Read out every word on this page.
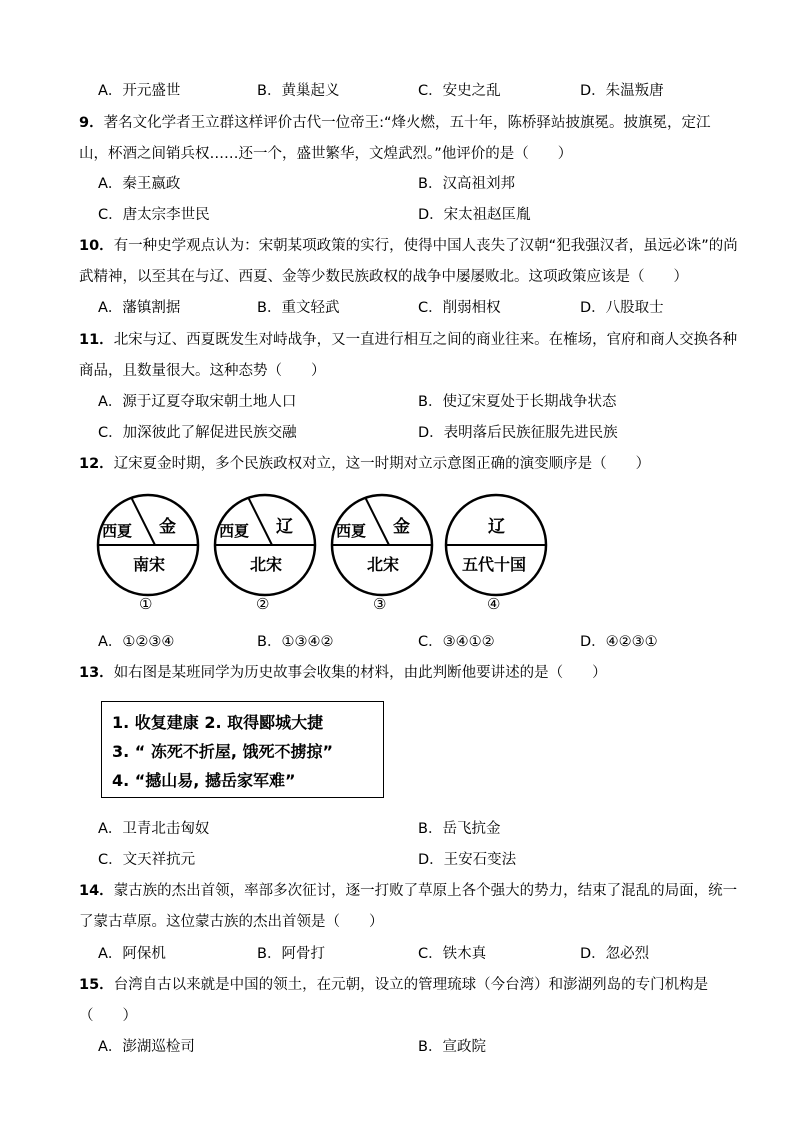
A．开元盛世	B．黄巢起义	C．安史之乱	D．朱温叛唐
9．著名文化学者王立群这样评价古代一位帝王:“烽火燃，五十年，陈桥驿站披旗冕。披旗冕，定江
山，杯酒之间销兵权……还一个，盛世繁华，文煌武烈。”他评价的是（　　）
A．秦王嬴政	B．汉高祖刘邦
C．唐太宗李世民	D．宋太祖赵匡胤
10．有一种史学观点认为：宋朝某项政策的实行，使得中国人丧失了汉朝“犯我强汉者，虽远必诛”的尚
武精神，以至其在与辽、西夏、金等少数民族政权的战争中屡屡败北。这项政策应该是（　　）
A．藩镇割据	B．重文轻武	C．削弱相权	D．八股取士
11．北宋与辽、西夏既发生对峙战争，又一直进行相互之间的商业往来。在榷场，官府和商人交换各种
商品，且数量很大。这种态势（　　）
A．源于辽夏夺取宋朝土地人口	B．使辽宋夏处于长期战争状态
C．加深彼此了解促进民族交融	D．表明落后民族征服先进民族
12．辽宋夏金时期，多个民族政权对立，这一时期对立示意图正确的演变顺序是（　　）
西夏 金
南宋
①
西夏 辽
北宋
②
西夏 金
北宋
③
辽
五代十国
④
A．①②③④	B．①③④②	C．③④①②	D．④②③①
13．如右图是某班同学为历史故事会收集的材料，由此判断他要讲述的是（　　）
1. 收复建康 2. 取得郾城大捷
3. “ 冻死不折屋, 饿死不掳掠”
4. “撼山易, 撼岳家军难”
A．卫青北击匈奴	B．岳飞抗金
C．文天祥抗元	D．王安石变法
14．蒙古族的杰出首领，率部多次征讨，逐一打败了草原上各个强大的势力，结束了混乱的局面，统一
了蒙古草原。这位蒙古族的杰出首领是（　　）
A．阿保机	B．阿骨打	C．铁木真	D．忽必烈
15．台湾自古以来就是中国的领土，在元朝，设立的管理琉球（今台湾）和澎湖列岛的专门机构是
（　　）
A．澎湖巡检司	B．宣政院
